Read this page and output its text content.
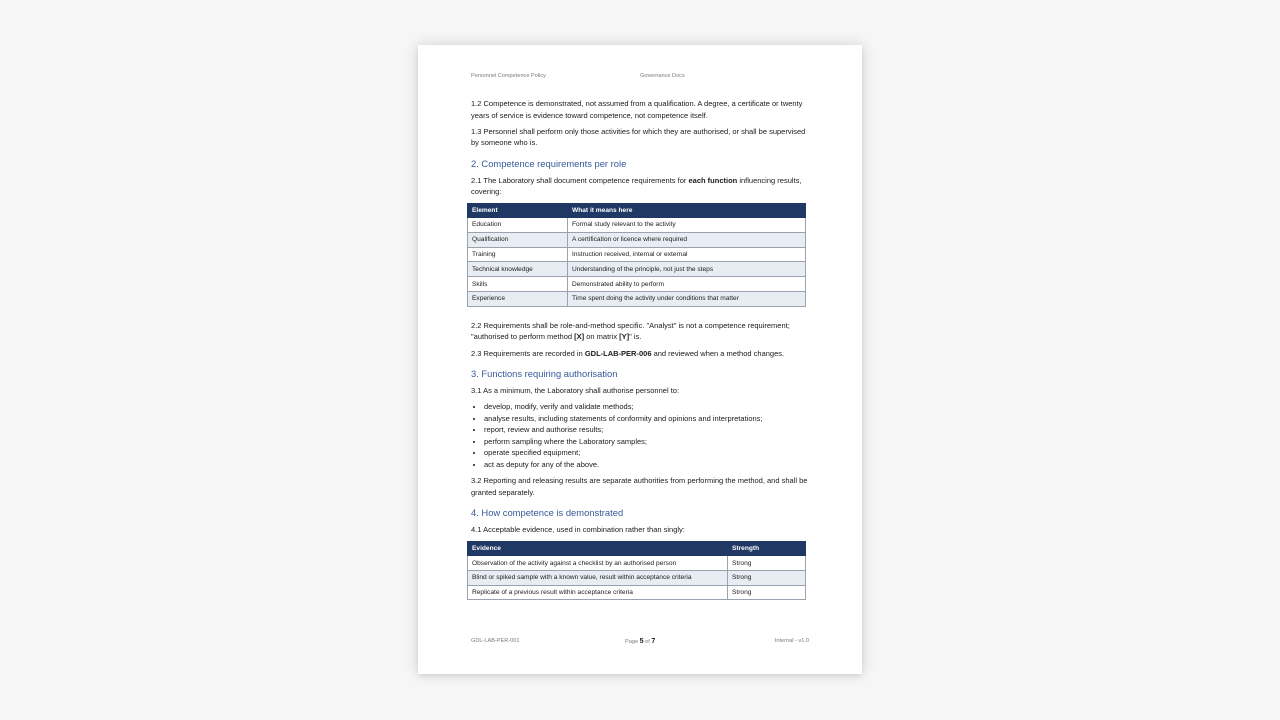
Personnel Competence Policy	Governance Docs

1.2 Competence is demonstrated, not assumed from a qualification. A degree, a certificate or twenty years of service is evidence toward competence, not competence itself.

1.3 Personnel shall perform only those activities for which they are authorised, or shall be supervised by someone who is.

2. Competence requirements per role

2.1 The Laboratory shall document competence requirements for each function influencing results, covering:

Element	What it means here
Education	Formal study relevant to the activity
Qualification	A certification or licence where required
Training	Instruction received, internal or external
Technical knowledge	Understanding of the principle, not just the steps
Skills	Demonstrated ability to perform
Experience	Time spent doing the activity under conditions that matter

2.2 Requirements shall be role-and-method specific. "Analyst" is not a competence requirement; "authorised to perform method [X] on matrix [Y]" is.

2.3 Requirements are recorded in GDL-LAB-PER-006 and reviewed when a method changes.

3. Functions requiring authorisation

3.1 As a minimum, the Laboratory shall authorise personnel to:

• develop, modify, verify and validate methods;
• analyse results, including statements of conformity and opinions and interpretations;
• report, review and authorise results;
• perform sampling where the Laboratory samples;
• operate specified equipment;
• act as deputy for any of the above.

3.2 Reporting and releasing results are separate authorities from performing the method, and shall be granted separately.

4. How competence is demonstrated

4.1 Acceptable evidence, used in combination rather than singly:

Evidence	Strength
Observation of the activity against a checklist by an authorised person	Strong
Blind or spiked sample with a known value, result within acceptance criteria	Strong
Replicate of a previous result within acceptance criteria	Strong
GDL-LAB-PER-001	Page 5 of 7	Internal - v1.0
